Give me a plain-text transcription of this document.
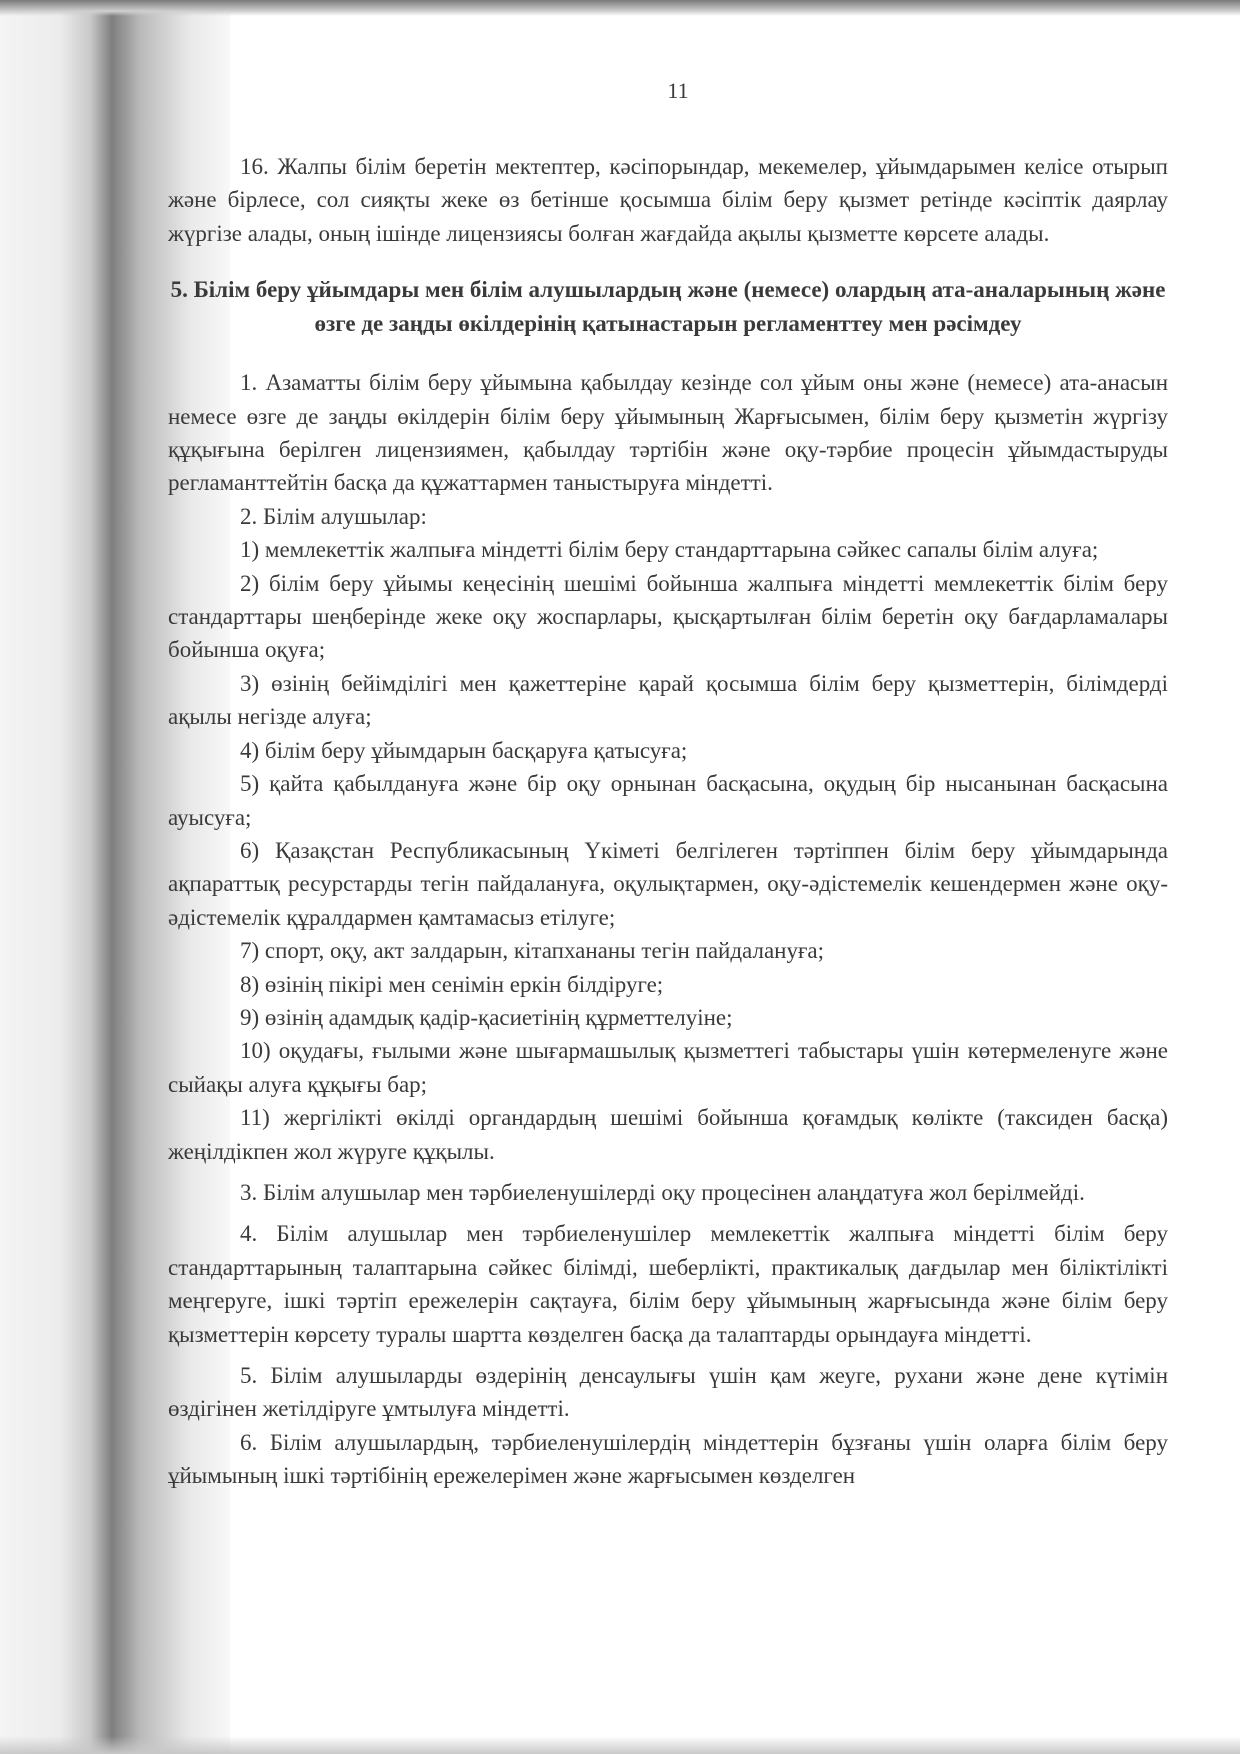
11

16. Жалпы білім беретін мектептер, кәсіпорындар, мекемелер, ұйымдарымен келісе отырып және бірлесе, сол сияқты жеке өз бетінше қосымша білім беру қызмет ретінде кәсіптік даярлау жүргізе алады, оның ішінде лицензиясы болған жағдайда ақылы қызметте көрсете алады.

5. Білім беру ұйымдары мен білім алушылардың және (немесе) олардың ата-аналарының және өзге де заңды өкілдерінің қатынастарын регламенттеу мен рәсімдеу

1. Азаматты білім беру ұйымына қабылдау кезінде сол ұйым оны және (немесе) ата-анасын немесе өзге де заңды өкілдерін білім беру ұйымының Жарғысымен, білім беру қызметін жүргізу құқығына берілген лицензиямен, қабылдау тәртібін және оқу-тәрбие процесін ұйымдастыруды регламанттейтін басқа да құжаттармен таныстыруға міндетті.

2. Білім алушылар:

1) мемлекеттік жалпыға міндетті білім беру стандарттарына сәйкес сапалы білім алуға;

2) білім беру ұйымы кеңесінің шешімі бойынша жалпыға міндетті мемлекеттік білім беру стандарттары шеңберінде жеке оқу жоспарлары, қысқартылған білім беретін оқу бағдарламалары бойынша оқуға;

3) өзінің бейімділігі мен қажеттеріне қарай қосымша білім беру қызметтерін, білімдерді ақылы негізде алуға;

4) білім беру ұйымдарын басқаруға қатысуға;

5) қайта қабылдануға және бір оқу орнынан басқасына, оқудың бір нысанынан басқасына ауысуға;

6) Қазақстан Республикасының Үкіметі белгілеген тәртіппен білім беру ұйымдарында ақпараттық ресурстарды тегін пайдалануға, оқулықтармен, оқу-әдістемелік кешендермен және оқу-әдістемелік құралдармен қамтамасыз етілуге;

7) спорт, оқу, акт залдарын, кітапхананы тегін пайдалануға;

8) өзінің пікірі мен сенімін еркін білдіруге;

9) өзінің адамдық қадір-қасиетінің құрметтелуіне;

10) оқудағы, ғылыми және шығармашылық қызметтегі табыстары үшін көтермеленуге және сыйақы алуға құқығы бар;

11) жергілікті өкілді органдардың шешімі бойынша қоғамдық көлікте (таксиден басқа) жеңілдікпен жол жүруге құқылы.

3. Білім алушылар мен тәрбиеленушілерді оқу процесінен алаңдатуға жол берілмейді.

4. Білім алушылар мен тәрбиеленушілер мемлекеттік жалпыға міндетті білім беру стандарттарының талаптарына сәйкес білімді, шеберлікті, практикалық дағдылар мен біліктілікті меңгеруге, ішкі тәртіп ережелерін сақтауға, білім беру ұйымының жарғысында және білім беру қызметтерін көрсету туралы шартта көзделген басқа да талаптарды орындауға міндетті.

5. Білім алушыларды өздерінің денсаулығы үшін қам жеуге, рухани және дене күтімін өздігінен жетілдіруге ұмтылуға міндетті.

6. Білім алушылардың, тәрбиеленушілердің міндеттерін бұзғаны үшін оларға білім беру ұйымының ішкі тәртібінің ережелерімен және жарғысымен көзделген
